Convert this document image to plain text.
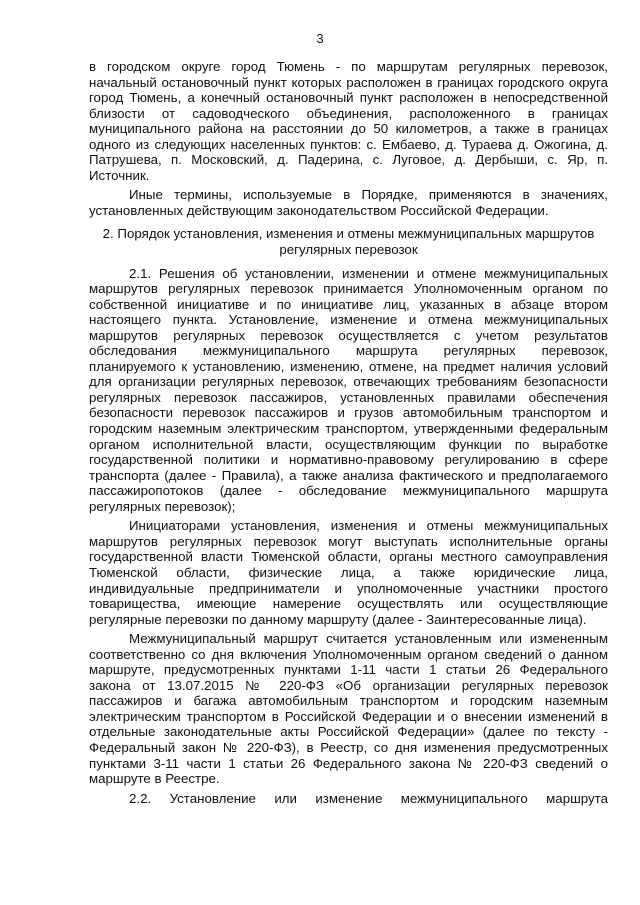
3

в городском округе город Тюмень - по маршрутам регулярных перевозок, начальный остановочный пункт которых расположен в границах городского округа город Тюмень, а конечный остановочный пункт расположен в непосредственной близости от садоводческого объединения, расположенного в границах муниципального района на расстоянии до 50 километров, а также в границах одного из следующих населенных пунктов: с. Ембаево, д. Тураева д. Ожогина, д. Патрушева, п. Московский, д. Падерина, с. Луговое, д. Дербыши, с. Яр, п. Источник.

Иные термины, используемые в Порядке, применяются в значениях, установленных действующим законодательством Российской Федерации.

2. Порядок установления, изменения и отмены межмуниципальных маршрутов регулярных перевозок

2.1. Решения об установлении, изменении и отмене межмуниципальных маршрутов регулярных перевозок принимается Уполномоченным органом по собственной инициативе и по инициативе лиц, указанных в абзаце втором настоящего пункта. Установление, изменение и отмена межмуниципальных маршрутов регулярных перевозок осуществляется с учетом результатов обследования межмуниципального маршрута регулярных перевозок, планируемого к установлению, изменению, отмене, на предмет наличия условий для организации регулярных перевозок, отвечающих требованиям безопасности регулярных перевозок пассажиров, установленных правилами обеспечения безопасности перевозок пассажиров и грузов автомобильным транспортом и городским наземным электрическим транспортом, утвержденными федеральным органом исполнительной власти, осуществляющим функции по выработке государственной политики и нормативно-правовому регулированию в сфере транспорта (далее - Правила), а также анализа фактического и предполагаемого пассажиропотоков (далее - обследование межмуниципального маршрута регулярных перевозок);

Инициаторами установления, изменения и отмены межмуниципальных маршрутов регулярных перевозок могут выступать исполнительные органы государственной власти Тюменской области, органы местного самоуправления Тюменской области, физические лица, а также юридические лица, индивидуальные предприниматели и уполномоченные участники простого товарищества, имеющие намерение осуществлять или осуществляющие регулярные перевозки по данному маршруту (далее - Заинтересованные лица).

Межмуниципальный маршрут считается установленным или измененным соответственно со дня включения Уполномоченным органом сведений о данном маршруте, предусмотренных пунктами 1-11 части 1 статьи 26 Федерального закона от 13.07.2015 № 220-ФЗ «Об организации регулярных перевозок пассажиров и багажа автомобильным транспортом и городским наземным электрическим транспортом в Российской Федерации и о внесении изменений в отдельные законодательные акты Российской Федерации» (далее по тексту - Федеральный закон № 220-ФЗ), в Реестр, со дня изменения предусмотренных пунктами 3-11 части 1 статьи 26 Федерального закона № 220-ФЗ сведений о маршруте в Реестре.

2.2. Установление или изменение межмуниципального маршрута
